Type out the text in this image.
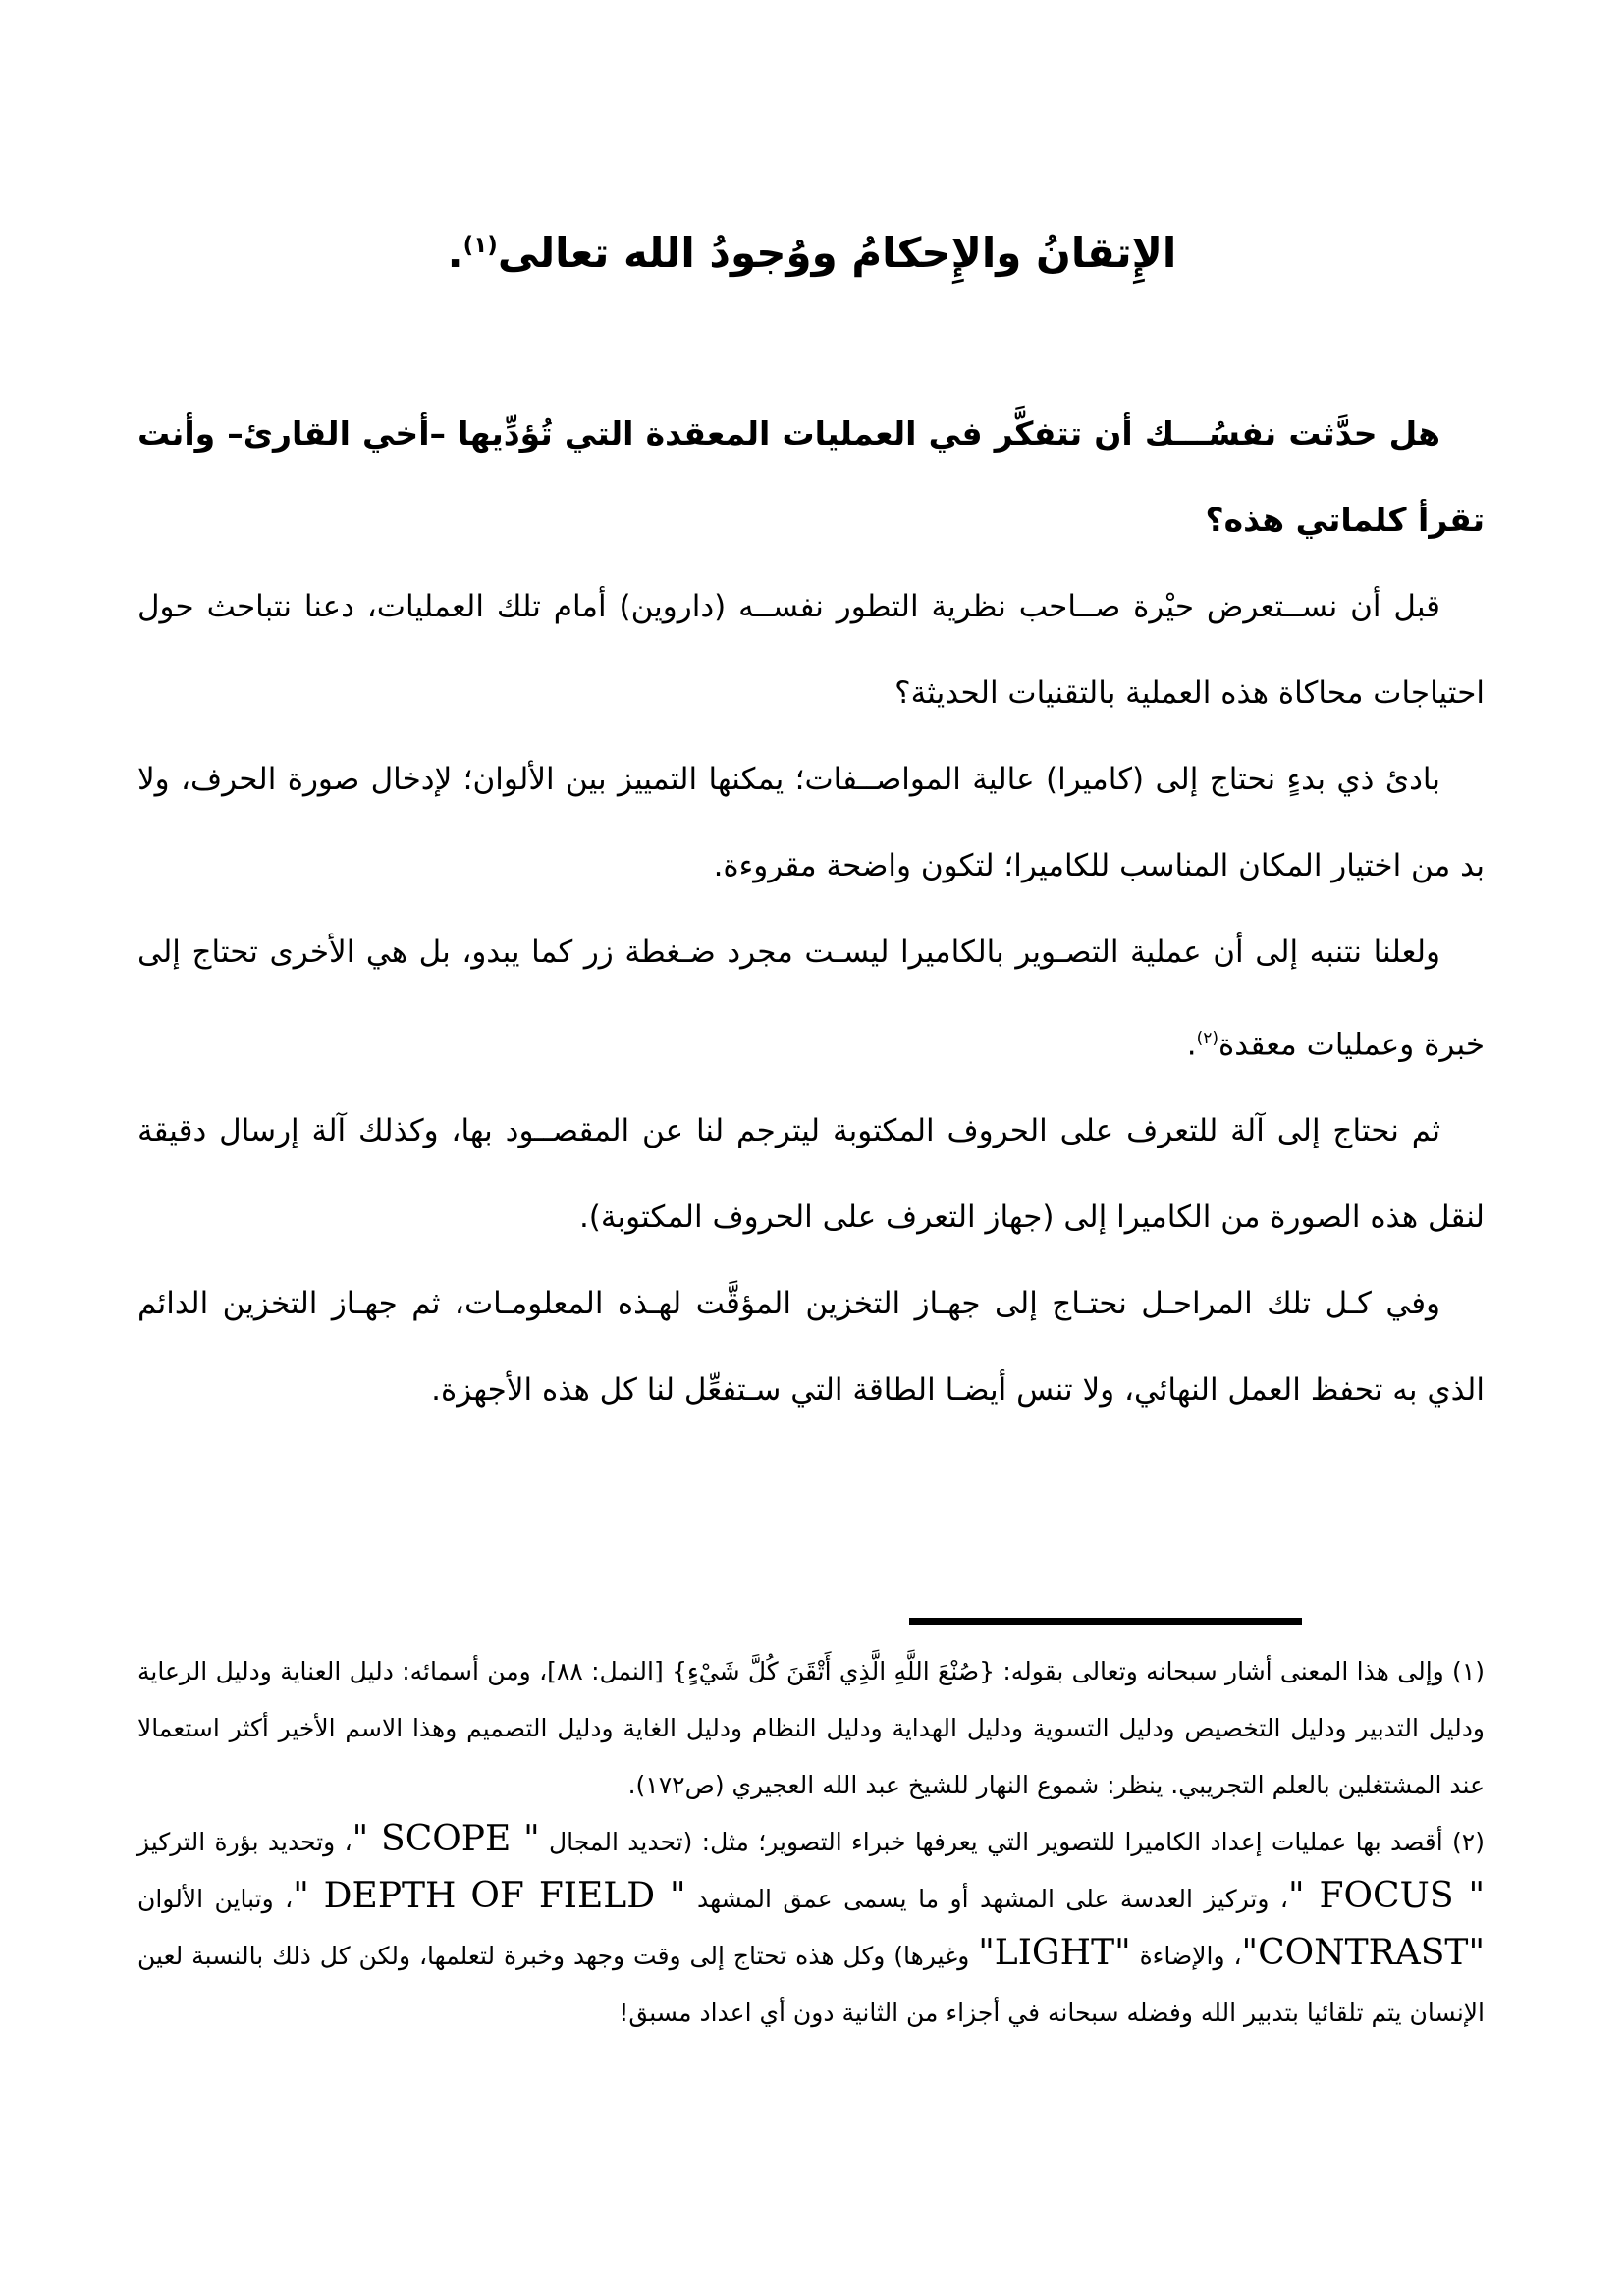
الإِتقانُ والإِحكامُ ووُجودُ الله تعالى$^{(١)}$.

هل حدَّثت نفسُـــك أن تتفكَّر في العمليات المعقدة التي تُؤدِّيها –أخي القارئ– وأنت تقرأ كلماتي هذه؟

قبل أن نســتعرض حيْرة صــاحب نظرية التطور نفســه (داروين) أمام تلك العمليات، دعنا نتباحث حول احتياجات محاكاة هذه العملية بالتقنيات الحديثة؟

بادئ ذي بدءٍ نحتاج إلى (كاميرا) عالية المواصــفات؛ يمكنها التمييز بين الألوان؛ لإدخال صورة الحرف، ولا بد من اختيار المكان المناسب للكاميرا؛ لتكون واضحة مقروءة.

ولعلنا نتنبه إلى أن عملية التصـوير بالكاميرا ليسـت مجرد ضـغطة زر كما يبدو، بل هي الأخرى تحتاج إلى خبرة وعمليات معقدة$^{(٢)}$.

ثم نحتاج إلى آلة للتعرف على الحروف المكتوبة ليترجم لنا عن المقصــود بها، وكذلك آلة إرسال دقيقة لنقل هذه الصورة من الكاميرا إلى (جهاز التعرف على الحروف المكتوبة).

وفي كـل تلك المراحـل نحتـاج إلى جهـاز التخزين المؤقَّت لهـذه المعلومـات، ثم جهـاز التخزين الدائم الذي به تحفظ العمل النهائي، ولا تنس أيضـا الطاقة التي سـتفعِّل لنا كل هذه الأجهزة.

(١) وإلى هذا المعنى أشار سبحانه وتعالى بقوله: {صُنْعَ اللَّهِ الَّذِي أَتْقَنَ كُلَّ شَيْءٍ} [النمل: ٨٨]، ومن أسمائه: دليل العناية ودليل الرعاية ودليل التدبير ودليل التخصيص ودليل التسوية ودليل الهداية ودليل النظام ودليل الغاية ودليل التصميم وهذا الاسم الأخير أكثر استعمالا عند المشتغلين بالعلم التجريبي. ينظر: شموع النهار للشيخ عبد الله العجيري (ص١٧٢).

(٢) أقصد بها عمليات إعداد الكاميرا للتصوير التي يعرفها خبراء التصوير؛ مثل: (تحديد المجال " SCOPE "، وتحديد بؤرة التركيز " FOCUS "، وتركيز العدسة على المشهد أو ما يسمى عمق المشهد " DEPTH OF FIELD "، وتباين الألوان "CONTRAST"، والإضاءة "LIGHT" وغيرها) وكل هذه تحتاج إلى وقت وجهد وخبرة لتعلمها، ولكن كل ذلك بالنسبة لعين الإنسان يتم تلقائيا بتدبير الله وفضله سبحانه في أجزاء من الثانية دون أي اعداد مسبق!
